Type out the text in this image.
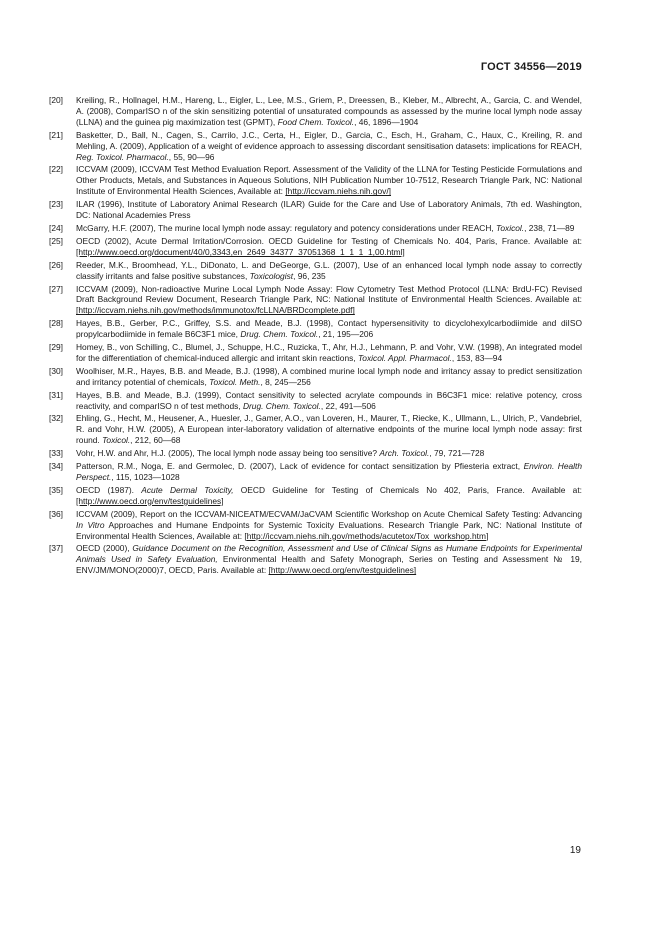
ГОСТ 34556—2019
[20]	Kreiling, R., Hollnagel, H.M., Hareng, L., Eigler, L., Lee, M.S., Griem, P., Dreessen, B., Kleber, M., Albrecht, A., Garcia, C. and Wendel, A. (2008), ComparISO n of the skin sensitizing potential of unsaturated compounds as assessed by the murine local lymph node assay (LLNA) and the guinea pig maximization test (GPMT), Food Chem. Toxicol., 46, 1896—1904
[21]	Basketter, D., Ball, N., Cagen, S., Carrilo, J.C., Certa, H., Eigler, D., Garcia, C., Esch, H., Graham, C., Haux, C., Kreiling, R. and Mehling, A. (2009), Application of a weight of evidence approach to assessing discordant sensitisation datasets: implications for REACH, Reg. Toxicol. Pharmacol., 55, 90—96
[22]	ICCVAM (2009), ICCVAM Test Method Evaluation Report. Assessment of the Validity of the LLNA for Testing Pesticide Formulations and Other Products, Metals, and Substances in Aqueous Solutions, NIH Publication Number 10-7512, Research Triangle Park, NC: National Institute of Environmental Health Sciences, Available at: [http://iccvam.niehs.nih.gov/]
[23]	ILAR (1996), Institute of Laboratory Animal Research (ILAR) Guide for the Care and Use of Laboratory Animals, 7th ed. Washington, DC: National Academies Press
[24]	McGarry, H.F. (2007), The murine local lymph node assay: regulatory and potency considerations under REACH, Toxicol., 238, 71—89
[25]	OECD (2002), Acute Dermal Irritation/Corrosion. OECD Guideline for Testing of Chemicals No. 404, Paris, France. Available at: [http://www.oecd.org/document/40/0,3343,en_2649_34377_37051368_1_1_1_1,00.html]
[26]	Reeder, M.K., Broomhead, Y.L., DiDonato, L. and DeGeorge, G.L. (2007), Use of an enhanced local lymph node assay to correctly classify irritants and false positive substances, Toxicologist, 96, 235
[27]	ICCVAM (2009), Non-radioactive Murine Local Lymph Node Assay: Flow Cytometry Test Method Protocol (LLNA: BrdU-FC) Revised Draft Background Review Document, Research Triangle Park, NC: National Institute of Environmental Health Sciences. Available at: [http://iccvam.niehs.nih.gov/methods/immunotox/fcLLNA/BRDcomplete.pdf]
[28]	Hayes, B.B., Gerber, P.C., Griffey, S.S. and Meade, B.J. (1998), Contact hypersensitivity to dicyclohexylcarbodiimide and diISO propylcarbodiimide in female B6C3F1 mice, Drug. Chem. Toxicol., 21, 195—206
[29]	Homey, B., von Schilling, C., Blumel, J., Schuppe, H.C., Ruzicka, T., Ahr, H.J., Lehmann, P. and Vohr, V.W. (1998), An integrated model for the differentiation of chemical-induced allergic and irritant skin reactions, Toxicol. Appl. Pharmacol., 153, 83—94
[30]	Woolhiser, M.R., Hayes, B.B. and Meade, B.J. (1998), A combined murine local lymph node and irritancy assay to predict sensitization and irritancy potential of chemicals, Toxicol. Meth., 8, 245—256
[31]	Hayes, B.B. and Meade, B.J. (1999), Contact sensitivity to selected acrylate compounds in B6C3F1 mice: relative potency, cross reactivity, and comparISO n of test methods, Drug. Chem. Toxicol., 22, 491—506
[32]	Ehling, G., Hecht, M., Heusener, A., Huesler, J., Gamer, A.O., van Loveren, H., Maurer, T., Riecke, K., Ullmann, L., Ulrich, P., Vandebriel, R. and Vohr, H.W. (2005), A European inter-laboratory validation of alternative endpoints of the murine local lymph node assay: first round. Toxicol., 212, 60—68
[33]	Vohr, H.W. and Ahr, H.J. (2005), The local lymph node assay being too sensitive? Arch. Toxicol., 79, 721—728
[34]	Patterson, R.M., Noga, E. and Germolec, D. (2007), Lack of evidence for contact sensitization by Pfiesteria extract, Environ. Health Perspect., 115, 1023—1028
[35]	OECD (1987). Acute Dermal Toxicity, OECD Guideline for Testing of Chemicals No 402, Paris, France. Available at: [http://www.oecd.org/env/testguidelines]
[36]	ICCVAM (2009), Report on the ICCVAM-NICEATM/ECVAM/JaCVAM Scientific Workshop on Acute Chemical Safety Testing: Advancing In Vitro Approaches and Humane Endpoints for Systemic Toxicity Evaluations. Research Triangle Park, NC: National Institute of Environmental Health Sciences, Available at: [http://iccvam.niehs.nih.gov/methods/acutetox/Tox_workshop.htm]
[37]	OECD (2000), Guidance Document on the Recognition, Assessment and Use of Clinical Signs as Humane Endpoints for Experimental Animals Used in Safety Evaluation, Environmental Health and Safety Monograph, Series on Testing and Assessment № 19, ENV/JM/MONO(2000)7, OECD, Paris. Available at: [http://www.oecd.org/env/testguidelines]
19
